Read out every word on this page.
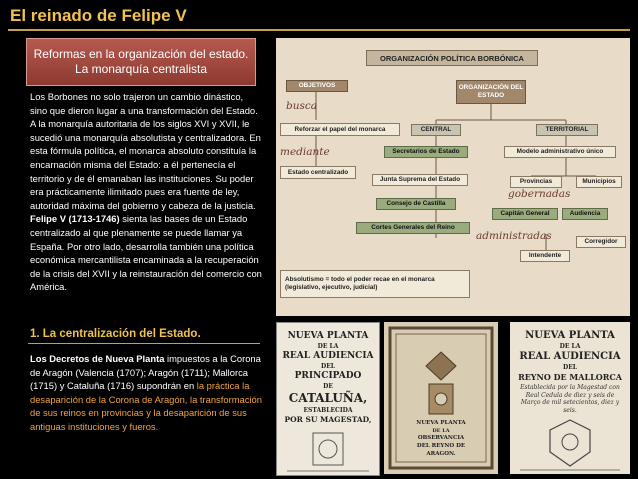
El reinado de Felipe V
Reformas en la organización del estado.
La monarquía centralista

Los Borbones no solo trajeron un cambio dinástico, sino que dieron lugar a una transformación del Estado. A la monarquía autoritaria de los siglos XVI y XVII, le sucedió una monarquía absolutista y centralizadora. En esta fórmula política, el monarca absoluto constituía la encarnación misma del Estado: a él pertenecía el territorio y de él emanaban las instituciones. Su poder era prácticamente ilimitado pues era fuente de ley, autoridad máxima del gobierno y cabeza de la justicia.

Felipe V (1713-1746) sienta las bases de un Estado centralizado al que plenamente se puede llamar ya España. Por otro lado, desarrolla también una política económica mercantilista encaminada a la recuperación de la crisis del XVII y la reinstauración del comercio con América.

1. La centralización del Estado.
Los Decretos de Nueva Planta impuestos a la Corona de Aragón (Valencia (1707); Aragón (1711); Mallorca (1715) y Cataluña (1716) supondrán en la práctica la desaparición de la Corona de Aragón, la transformación de sus reinos en provincias y la desaparición de sus antiguas instituciones y fueros.
ORGANIZACIÓN POLÍTICA BORBÓNICA
OBJETIVOS	ORGANIZACIÓN DEL ESTADO
busca
Reforzar el papel del monarca	CENTRAL	TERRITORIAL
mediante	Secretarios de Estado	Modelo administrativo único
Estado centralizado
Junta Suprema del Estado	Provincias	Municipios
gobernadas
Consejo de Castilla
Capitán General	Audiencia
Cortes Generales del Reino
administradas	Corregidor
Intendente
Absolutismo = todo el poder recae en el monarca (legislativo, ejecutivo, judicial)
NUEVA PLANTA
DE LA
REAL AUDIENCIA
DEL
PRINCIPADO
DE
CATALUÑA,
ESTABLECIDA
POR SU MAGESTAD,	NUEVA PLANTA
DE LA
OBSERVANCIA
DEL REYNO DE
ARAGON.
NUEVA PLANTA
DE LA
REAL AUDIENCIA
DEL
REYNO DE MALLORCA
Establecida por la Magestad con Real Cedula de diez y seis de Março de mil setecientos, diez y seis.
